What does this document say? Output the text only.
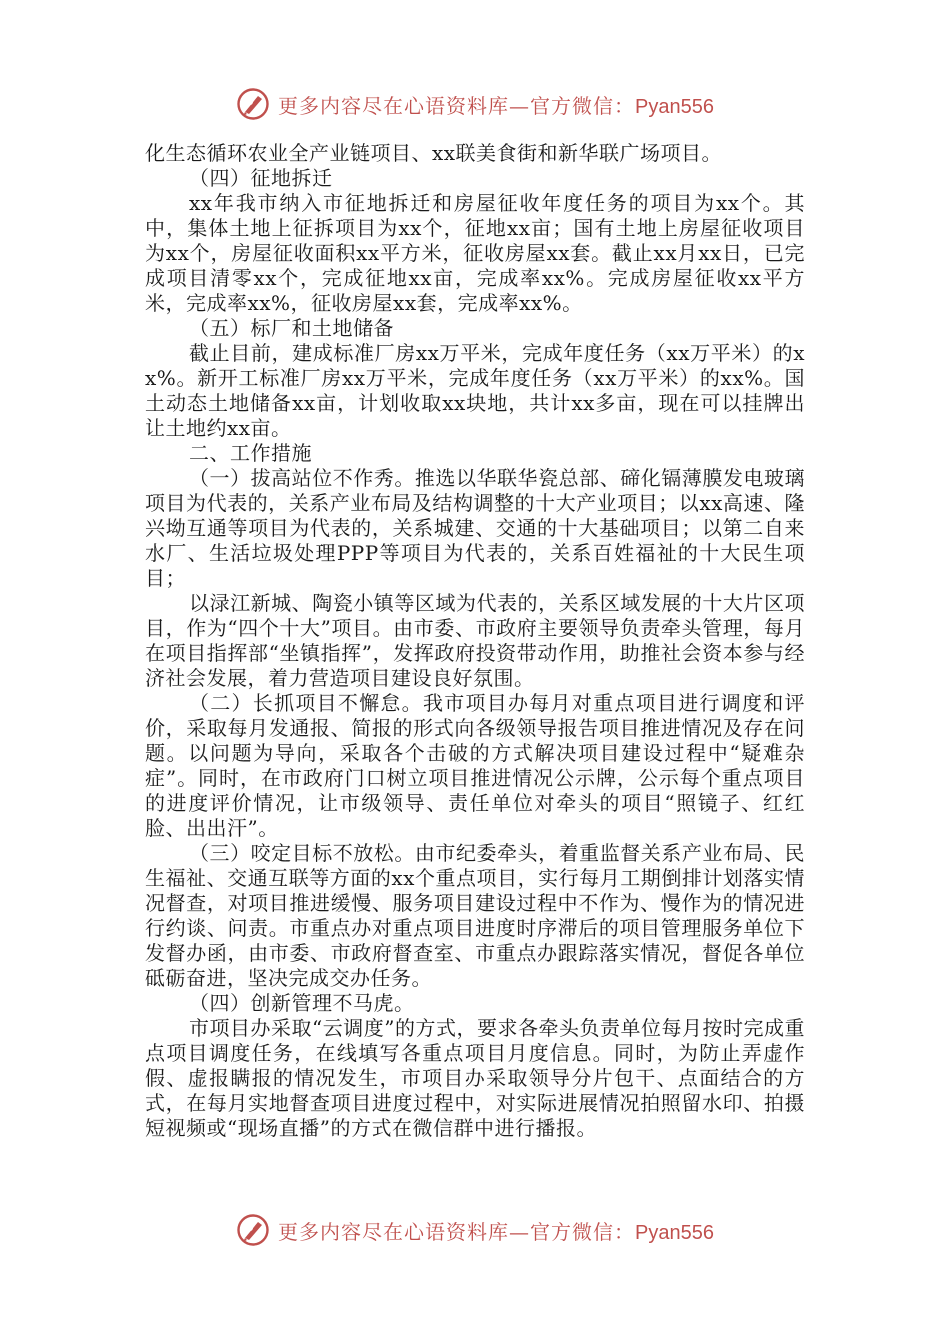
更多内容尽在心语资料库—官方微信：Pyan556

化生态循环农业全产业链项目、xx联美食街和新华联广场项目。

（四）征地拆迁

xx年我市纳入市征地拆迁和房屋征收年度任务的项目为xx个。其中，集体土地上征拆项目为xx个，征地xx亩；国有土地上房屋征收项目为xx个，房屋征收面积xx平方米，征收房屋xx套。截止xx月xx日，已完成项目清零xx个，完成征地xx亩，完成率xx%。完成房屋征收xx平方米，完成率xx%，征收房屋xx套，完成率xx%。

（五）标厂和土地储备

截止目前，建成标准厂房xx万平米，完成年度任务（xx万平米）的xx%。新开工标准厂房xx万平米，完成年度任务（xx万平米）的xx%。国土动态土地储备xx亩，计划收取xx块地，共计xx多亩，现在可以挂牌出让土地约xx亩。

二、工作措施

（一）拔高站位不作秀。推选以华联华瓷总部、碲化镉薄膜发电玻璃项目为代表的，关系产业布局及结构调整的十大产业项目；以xx高速、隆兴坳互通等项目为代表的，关系城建、交通的十大基础项目；以第二自来水厂、生活垃圾处理PPP等项目为代表的，关系百姓福祉的十大民生项目；

以渌江新城、陶瓷小镇等区域为代表的，关系区域发展的十大片区项目，作为“四个十大”项目。由市委、市政府主要领导负责牵头管理，每月在项目指挥部“坐镇指挥”，发挥政府投资带动作用，助推社会资本参与经济社会发展，着力营造项目建设良好氛围。

（二）长抓项目不懈怠。我市项目办每月对重点项目进行调度和评价，采取每月发通报、简报的形式向各级领导报告项目推进情况及存在问题。以问题为导向，采取各个击破的方式解决项目建设过程中“疑难杂症”。同时，在市政府门口树立项目推进情况公示牌，公示每个重点项目的进度评价情况，让市级领导、责任单位对牵头的项目“照镜子、红红脸、出出汗”。

（三）咬定目标不放松。由市纪委牵头，着重监督关系产业布局、民生福祉、交通互联等方面的xx个重点项目，实行每月工期倒排计划落实情况督查，对项目推进缓慢、服务项目建设过程中不作为、慢作为的情况进行约谈、问责。市重点办对重点项目进度时序滞后的项目管理服务单位下发督办函，由市委、市政府督查室、市重点办跟踪落实情况，督促各单位砥砺奋进，坚决完成交办任务。

（四）创新管理不马虎。

市项目办采取“云调度”的方式，要求各牵头负责单位每月按时完成重点项目调度任务，在线填写各重点项目月度信息。同时，为防止弄虚作假、虚报瞒报的情况发生，市项目办采取领导分片包干、点面结合的方式，在每月实地督查项目进度过程中，对实际进展情况拍照留水印、拍摄短视频或“现场直播”的方式在微信群中进行播报。

更多内容尽在心语资料库—官方微信：Pyan556
